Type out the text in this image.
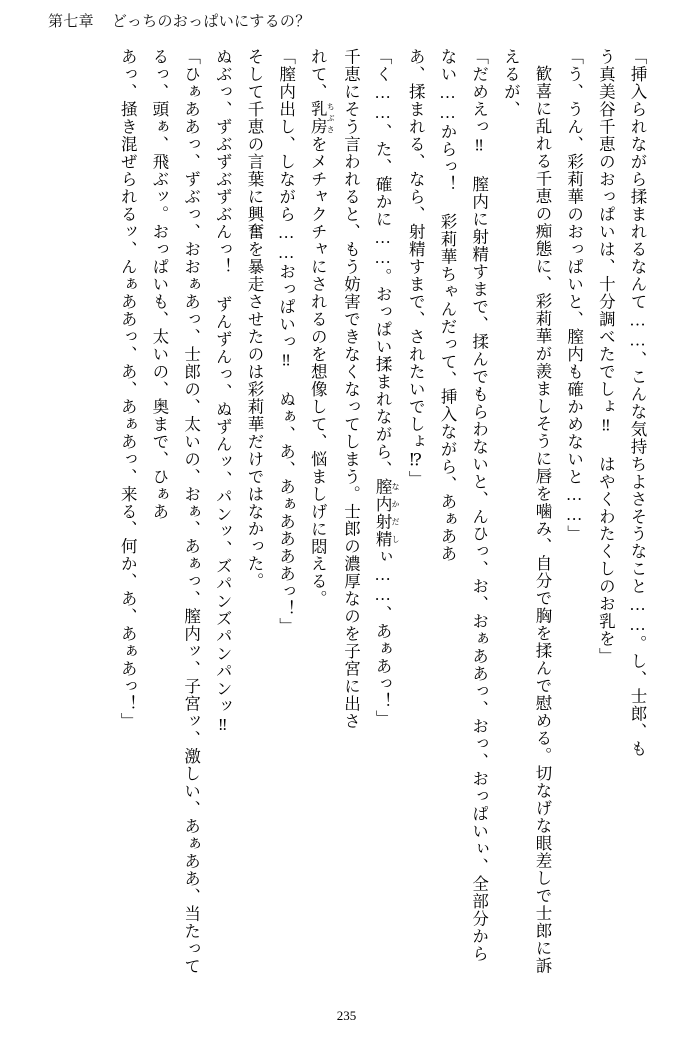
第七章 どっちのおっぱいにするの？

「挿入られながら揉まれるなんて……、こんな気持ちよさそうなこと……。し、士郎、も

う真美谷千恵のおっぱいは、十分調べたでしょ‼ はやくわたくしのお乳を」

「う、うん、彩莉華のおっぱいと、膣内も確かめないと……」

歓喜に乱れる千恵の痴態に、彩莉華が羨ましそうに唇を噛み、自分で胸を揉んで慰める。切なげな眼差しで士郎に訴えるが、

「だめえっ‼ 膣内に射精すまで、揉んでもらわないと、んひっ、お、おぁああっ、おっ、おっぱいぃ、全部分からない……からっ！ 彩莉華ちゃんだって、挿入ながら、あぁああ

あ、揉まれる、なら、射精すまで、されたいでしょ⁉」

「く……、た、確かに……。おっぱい揉まれながら、膣内射精 なかだしぃ……、あぁあっ！」

千恵にそう言われると、もう妨害できなくなってしまう。士郎の濃厚なのを子宮に出さ

れて、乳房 ちぶさをメチャクチャにされるのを想像して、悩ましげに悶える。

「膣内出し、しながら……おっぱいっ‼ ぬぁ、あ、あぁああああっ！」

そして千恵の言葉に興奮を暴走させたのは彩莉華だけではなかった。

ぬぶっ、ずぶずぶずぶんっ！ ずんずんっ、ぬずんッ、パンッ、ズパンズパンパンッ‼

「ひぁああっ、ずぶっ、おおぁあっ、士郎の、太いの、おぁ、あぁっ、膣内ッ、子宮ッ、激しい、あぁああ、当たってるっ、頭ぁ、飛ぶッ。おっぱいも、太いの、奥まで、ひぁあ

あっ、掻き混ぜられるッ、んぁああっ、あ、あぁあっ、来る、何か、あ、あぁあっ！」

235
